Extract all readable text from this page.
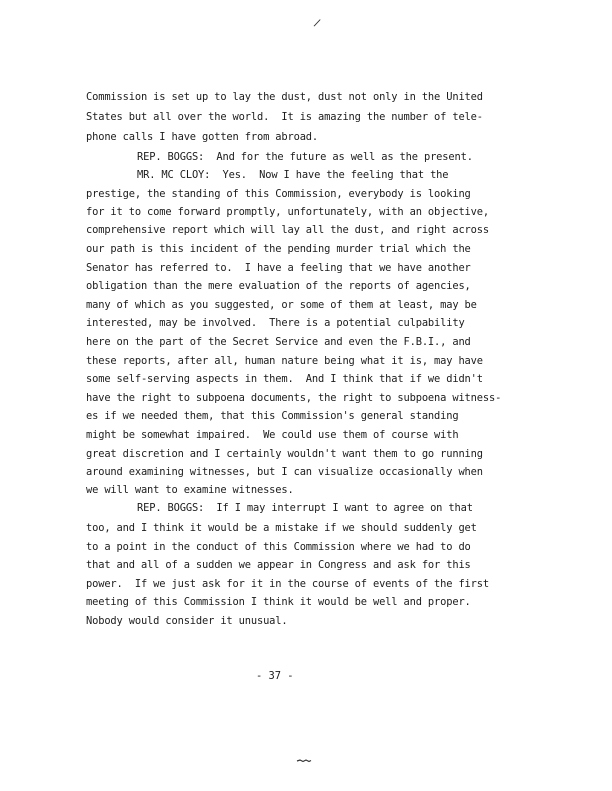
/
Commission is set up to lay the dust, dust not only in the United
States but all over the world.  It is amazing the number of tele-
phone calls I have gotten from abroad.
REP. BOGGS:  And for the future as well as the present.
MR. MC CLOY:  Yes.  Now I have the feeling that the
prestige, the standing of this Commission, everybody is looking
for it to come forward promptly, unfortunately, with an objective,
comprehensive report which will lay all the dust, and right across
our path is this incident of the pending murder trial which the
Senator has referred to.  I have a feeling that we have another
obligation than the mere evaluation of the reports of agencies,
many of which as you suggested, or some of them at least, may be
interested, may be involved.  There is a potential culpability
here on the part of the Secret Service and even the F.B.I., and
these reports, after all, human nature being what it is, may have
some self-serving aspects in them.  And I think that if we didn't
have the right to subpoena documents, the right to subpoena witness-
es if we needed them, that this Commission's general standing
might be somewhat impaired.  We could use them of course with
great discretion and I certainly wouldn't want them to go running
around examining witnesses, but I can visualize occasionally when
we will want to examine witnesses.
REP. BOGGS:  If I may interrupt I want to agree on that
too, and I think it would be a mistake if we should suddenly get
to a point in the conduct of this Commission where we had to do
that and all of a sudden we appear in Congress and ask for this
power.  If we just ask for it in the course of events of the first
meeting of this Commission I think it would be well and proper.
Nobody would consider it unusual.
- 37 -
